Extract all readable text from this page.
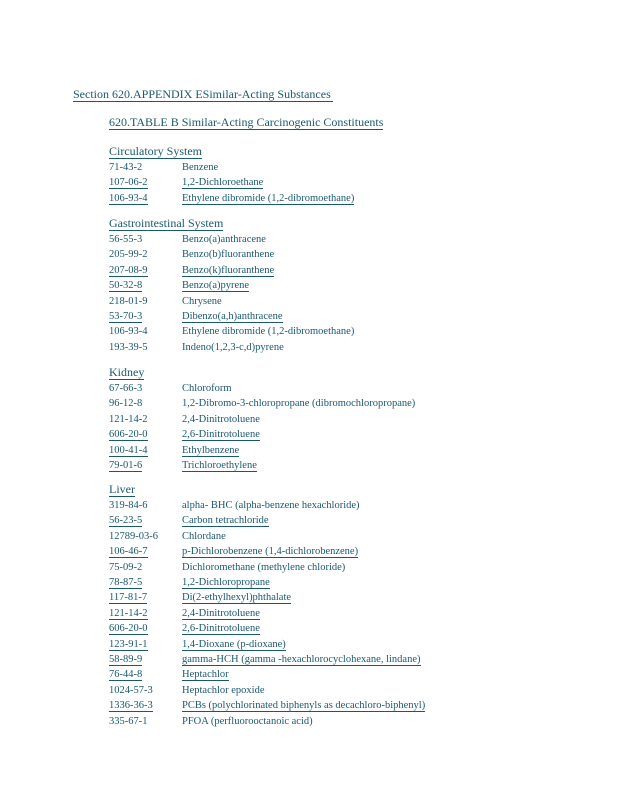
Section 620.APPENDIX ESimilar-Acting Substances
620.TABLE B Similar-Acting Carcinogenic Constituents
Circulatory System
71-43-2	Benzene
107-06-2	1,2-Dichloroethane
106-93-4	Ethylene dibromide (1,2-dibromoethane)
Gastrointestinal System
56-55-3	Benzo(a)anthracene
205-99-2	Benzo(b)fluoranthene
207-08-9	Benzo(k)fluoranthene
50-32-8	Benzo(a)pyrene
218-01-9	Chrysene
53-70-3	Dibenzo(a,h)anthracene
106-93-4	Ethylene dibromide (1,2-dibromoethane)
193-39-5	Indeno(1,2,3-c,d)pyrene
Kidney
67-66-3	Chloroform
96-12-8	1,2-Dibromo-3-chloropropane (dibromochloropropane)
121-14-2	2,4-Dinitrotoluene
606-20-0	2,6-Dinitrotoluene
100-41-4	Ethylbenzene
79-01-6	Trichloroethylene
Liver
319-84-6	alpha- BHC (alpha-benzene hexachloride)
56-23-5	Carbon tetrachloride
12789-03-6	Chlordane
106-46-7	p-Dichlorobenzene (1,4-dichlorobenzene)
75-09-2	Dichloromethane (methylene chloride)
78-87-5	1,2-Dichloropropane
117-81-7	Di(2-ethylhexyl)phthalate
121-14-2	2,4-Dinitrotoluene
606-20-0	2,6-Dinitrotoluene
123-91-1	1,4-Dioxane (p-dioxane)
58-89-9	gamma-HCH (gamma -hexachlorocyclohexane, lindane)
76-44-8	Heptachlor
1024-57-3	Heptachlor epoxide
1336-36-3	PCBs (polychlorinated biphenyls as decachloro-biphenyl)
335-67-1	PFOA (perfluorooctanoic acid)
